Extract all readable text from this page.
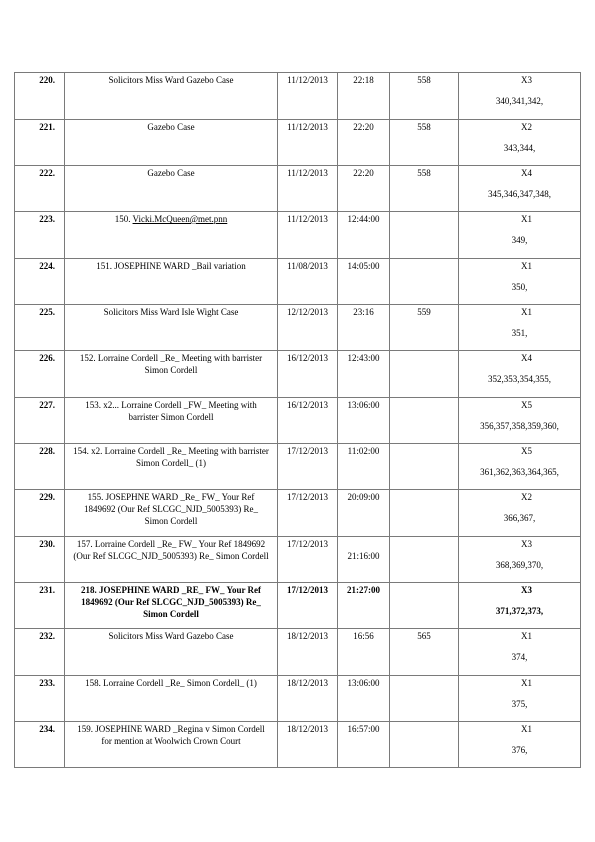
220.	Solicitors Miss Ward Gazebo Case	11/12/2013	22:18	558	X3
340,341,342,

221.	Gazebo Case	11/12/2013	22:20	558	X2
343,344,

222.	Gazebo Case	11/12/2013	22:20	558	X4
345,346,347,348,

223.	150. Vicki.McQueen@met.pnn	11/12/2013	12:44:00		X1
349,

224.	151. JOSEPHINE WARD _Bail variation	11/08/2013	14:05:00		X1
350,

225.	Solicitors Miss Ward Isle Wight Case	12/12/2013	23:16	559	X1
351,

226.	152. Lorraine Cordell _Re_ Meeting with barrister Simon Cordell	16/12/2013	12:43:00		X4
352,353,354,355,

227.	153. x2... Lorraine Cordell _FW_ Meeting with barrister Simon Cordell	16/12/2013	13:06:00		X5
356,357,358,359,360,

228.	154. x2. Lorraine Cordell _Re_ Meeting with barrister Simon Cordell_ (1)	17/12/2013	11:02:00		X5
361,362,363,364,365,

229.	155. JOSEPHNE WARD _Re_ FW_ Your Ref 1849692 (Our Ref SLCGC_NJD_5005393) Re_ Simon Cordell	17/12/2013	20:09:00		X2
366,367,

230.	157. Lorraine Cordell _Re_ FW_ Your Ref 1849692 (Our Ref SLCGC_NJD_5005393) Re_ Simon Cordell	17/12/2013	21:16:00		X3
368,369,370,

231.	218. JOSEPHINE WARD _RE_ FW_ Your Ref 1849692 (Our Ref SLCGC_NJD_5005393) Re_ Simon Cordell	17/12/2013	21:27:00		X3
371,372,373,

232.	Solicitors Miss Ward Gazebo Case	18/12/2013	16:56	565	X1
374,

233.	158. Lorraine Cordell _Re_ Simon Cordell_ (1)	18/12/2013	13:06:00		X1
375,

234.	159. JOSEPHINE WARD _Regina v Simon Cordell for mention at Woolwich Crown Court	18/12/2013	16:57:00		X1
376,
